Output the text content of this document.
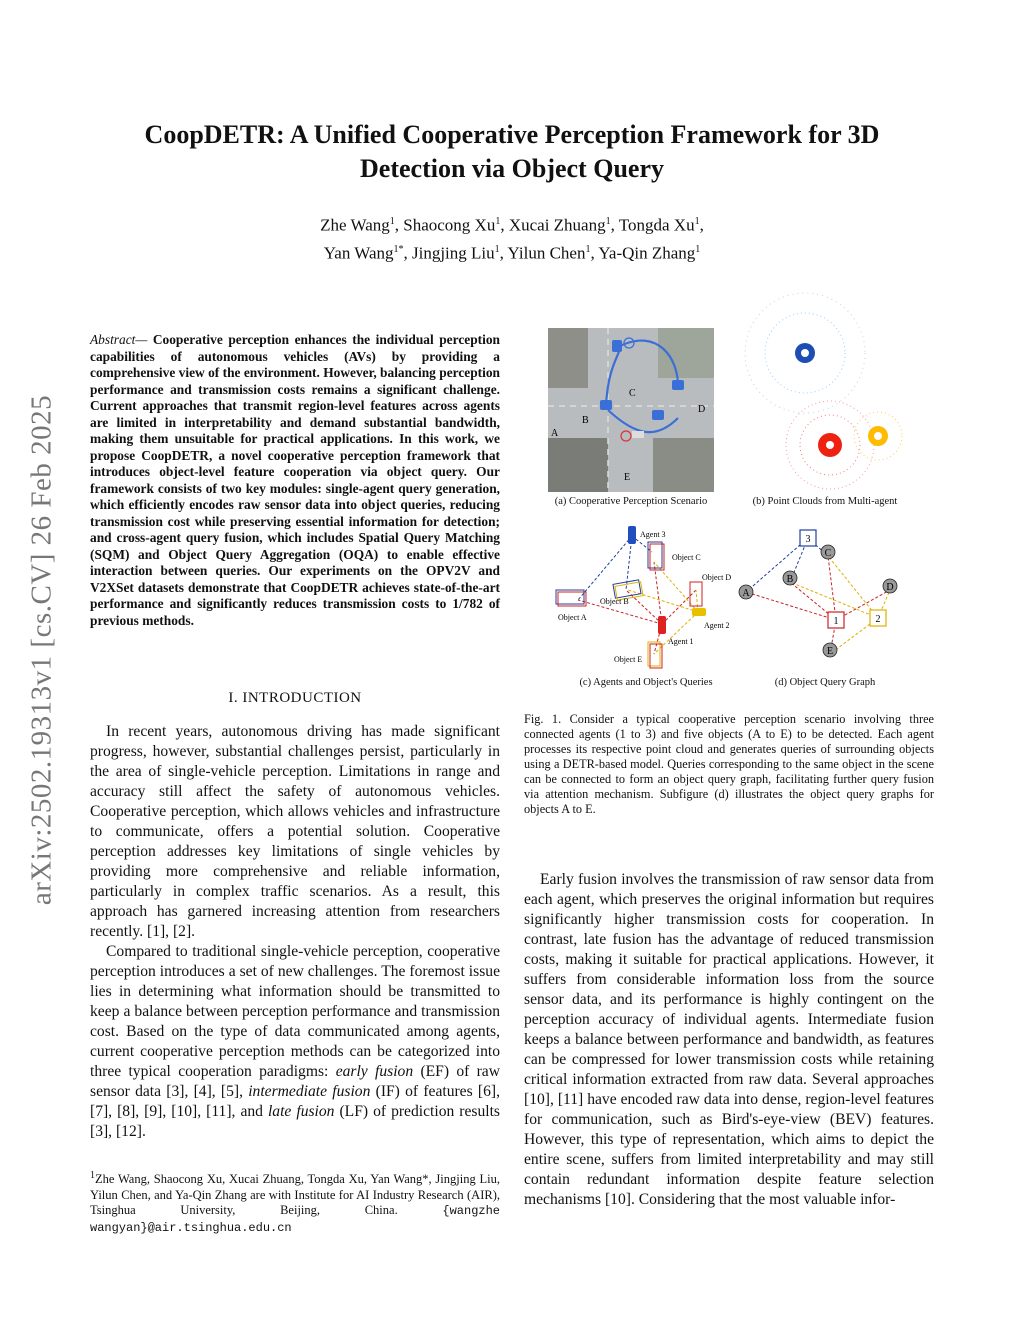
arXiv:2502.19313v1 [cs.CV] 26 Feb 2025
CoopDETR: A Unified Cooperative Perception Framework for 3D Detection via Object Query
Zhe Wang$^1$, Shaocong Xu$^1$, Xucai Zhuang$^1$, Tongda Xu$^1$,
Yan Wang$^{1*}$, Jingjing Liu$^1$, Yilun Chen$^1$, Ya-Qin Zhang$^1$
Abstract— Cooperative perception enhances the individual perception capabilities of autonomous vehicles (AVs) by providing a comprehensive view of the environment. However, balancing perception performance and transmission costs remains a significant challenge. Current approaches that transmit region-level features across agents are limited in interpretability and demand substantial bandwidth, making them unsuitable for practical applications. In this work, we propose CoopDETR, a novel cooperative perception framework that introduces object-level feature cooperation via object query. Our framework consists of two key modules: single-agent query generation, which efficiently encodes raw sensor data into object queries, reducing transmission cost while preserving essential information for detection; and cross-agent query fusion, which includes Spatial Query Matching (SQM) and Object Query Aggregation (OQA) to enable effective interaction between queries. Our experiments on the OPV2V and V2XSet datasets demonstrate that CoopDETR achieves state-of-the-art performance and significantly reduces transmission costs to 1/782 of previous methods.
I. INTRODUCTION

In recent years, autonomous driving has made significant progress, however, substantial challenges persist, particularly in the area of single-vehicle perception. Limitations in range and accuracy still affect the safety of autonomous vehicles. Cooperative perception, which allows vehicles and infrastructure to communicate, offers a potential solution. Cooperative perception addresses key limitations of single vehicles by providing more comprehensive and reliable information, particularly in complex traffic scenarios. As a result, this approach has garnered increasing attention from researchers recently. [1], [2].

Compared to traditional single-vehicle perception, cooperative perception introduces a set of new challenges. The foremost issue lies in determining what information should be transmitted to keep a balance between perception performance and transmission cost. Based on the type of data communicated among agents, current cooperative perception methods can be categorized into three typical cooperation paradigms: early fusion (EF) of raw sensor data [3], [4], [5], intermediate fusion (IF) of features [6], [7], [8], [9], [10], [11], and late fusion (LF) of prediction results [3], [12].

$^1$Zhe Wang, Shaocong Xu, Xucai Zhuang, Tongda Xu, Yan Wang*, Jingjing Liu, Yilun Chen, and Ya-Qin Zhang are with Institute for AI Industry Research (AIR), Tsinghua University, Beijing, China. {wangzhe wangyan}@air.tsinghua.edu.cn
A
B
C
D
E
(a) Cooperative Perception Scenario	(b) Point Clouds from Multi-agent
Agent 3
Agent 1
Agent 2
Object A
Object B
Object C
Object D
Object E
3
1	2
A
B
C
D
E
(c) Agents and Object's Queries	(d) Object Query Graph
Fig. 1. Consider a typical cooperative perception scenario involving three connected agents (1 to 3) and five objects (A to E) to be detected. Each agent processes its respective point cloud and generates queries of surrounding objects using a DETR-based model. Queries corresponding to the same object in the scene can be connected to form an object query graph, facilitating further query fusion via attention mechanism. Subfigure (d) illustrates the object query graphs for objects A to E.

Early fusion involves the transmission of raw sensor data from each agent, which preserves the original information but requires significantly higher transmission costs for cooperation. In contrast, late fusion has the advantage of reduced transmission costs, making it suitable for practical applications. However, it suffers from considerable information loss from the source sensor data, and its performance is highly contingent on the perception accuracy of individual agents. Intermediate fusion keeps a balance between performance and bandwidth, as features can be compressed for lower transmission costs while retaining critical information extracted from raw data. Several approaches [10], [11] have encoded raw data into dense, region-level features for communication, such as Bird's-eye-view (BEV) features. However, this type of representation, which aims to depict the entire scene, suffers from limited interpretability and may still contain redundant information despite feature selection mechanisms [10]. Considering that the most valuable infor-
